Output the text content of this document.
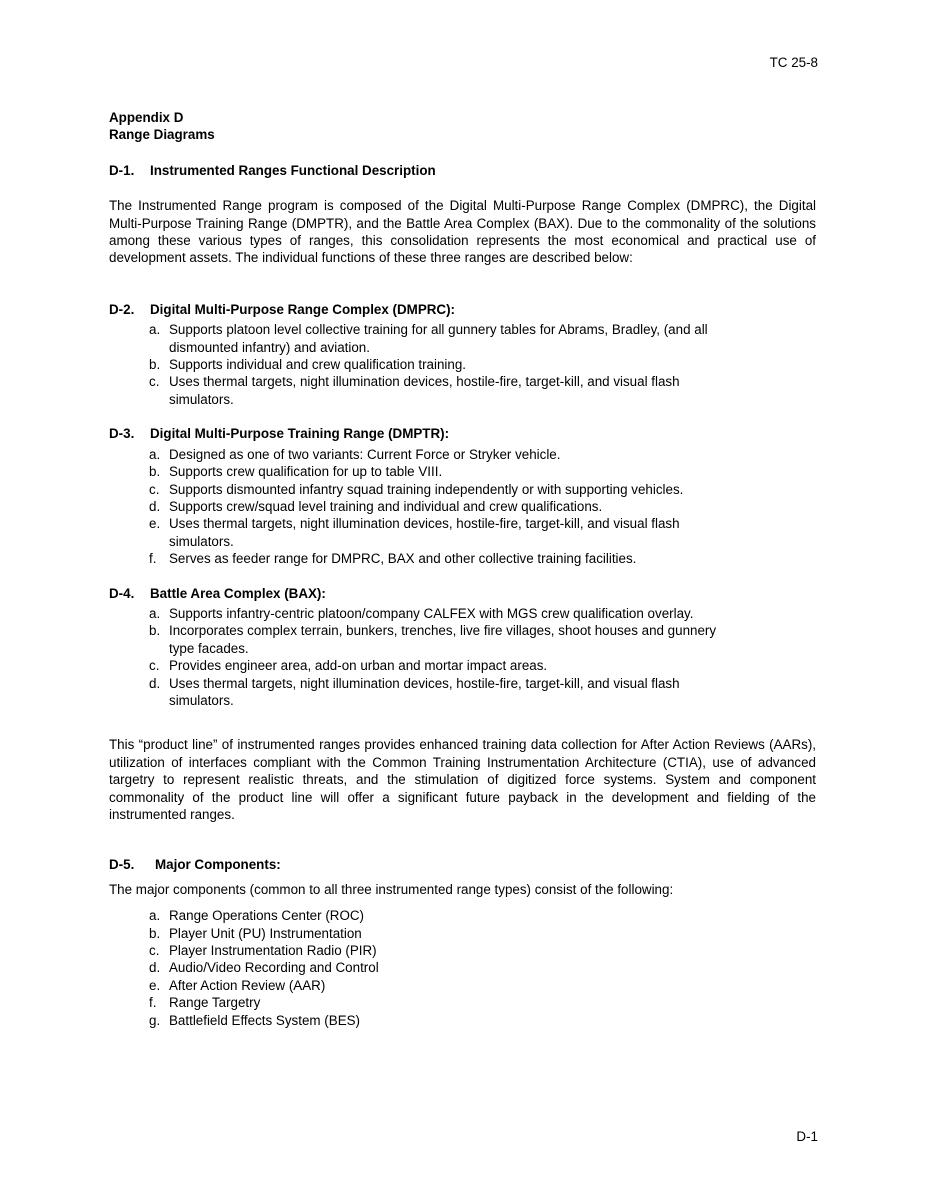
TC 25-8

Appendix D

Range Diagrams

D-1.	Instrumented Ranges Functional Description

The Instrumented Range program is composed of the Digital Multi-Purpose Range Complex (DMPRC), the Digital Multi-Purpose Training Range (DMPTR), and the Battle Area Complex (BAX). Due to the commonality of the solutions among these various types of ranges, this consolidation represents the most economical and practical use of development assets. The individual functions of these three ranges are described below:

D-2.	Digital Multi-Purpose Range Complex (DMPRC):
a. Supports platoon level collective training for all gunnery tables for Abrams, Bradley, (and all
dismounted infantry) and aviation.
b. Supports individual and crew qualification training.
c. Uses thermal targets, night illumination devices, hostile-fire, target-kill, and visual flash
simulators.
D-3.	Digital Multi-Purpose Training Range (DMPTR):
a. Designed as one of two variants: Current Force or Stryker vehicle.
b. Supports crew qualification for up to table VIII.
c. Supports dismounted infantry squad training independently or with supporting vehicles.
d. Supports crew/squad level training and individual and crew qualifications.
e. Uses thermal targets, night illumination devices, hostile-fire, target-kill, and visual flash
simulators.
f. Serves as feeder range for DMPRC, BAX and other collective training facilities.
D-4.	Battle Area Complex (BAX):
a. Supports infantry-centric platoon/company CALFEX with MGS crew qualification overlay.
b. Incorporates complex terrain, bunkers, trenches, live fire villages, shoot houses and gunnery
type facades.
c. Provides engineer area, add-on urban and mortar impact areas.
d. Uses thermal targets, night illumination devices, hostile-fire, target-kill, and visual flash
simulators.

This “product line” of instrumented ranges provides enhanced training data collection for After Action Reviews (AARs), utilization of interfaces compliant with the Common Training Instrumentation Architecture (CTIA), use of advanced targetry to represent realistic threats, and the stimulation of digitized force systems. System and component commonality of the product line will offer a significant future payback in the development and fielding of the instrumented ranges.

D-5.	Major Components:

The major components (common to all three instrumented range types) consist of the following:

a. Range Operations Center (ROC)
b. Player Unit (PU) Instrumentation
c. Player Instrumentation Radio (PIR)
d. Audio/Video Recording and Control
e. After Action Review (AAR)
f. Range Targetry
g. Battlefield Effects System (BES)
D-1
